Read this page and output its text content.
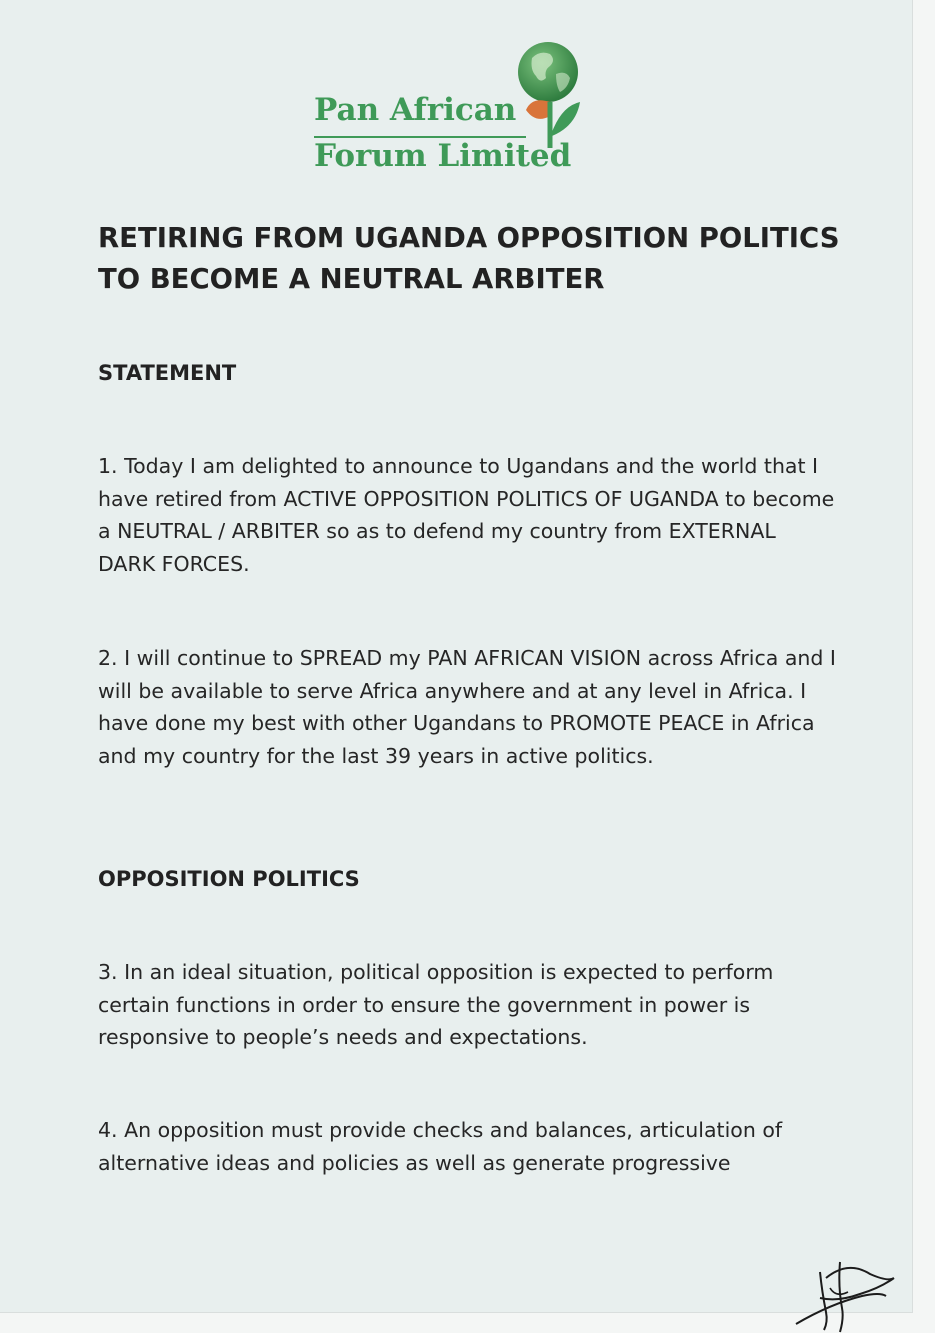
Pan African
Forum Limited
RETIRING FROM UGANDA OPPOSITION POLITICS TO BECOME A NEUTRAL ARBITER
STATEMENT

1. Today I am delighted to announce to Ugandans and the world that I have retired from ACTIVE OPPOSITION POLITICS OF UGANDA to become a NEUTRAL / ARBITER so as to defend my country from EXTERNAL DARK FORCES.

2. I will continue to SPREAD my PAN AFRICAN VISION across Africa and I will be available to serve Africa anywhere and at any level in Africa. I have done my best with other Ugandans to PROMOTE PEACE in Africa and my country for the last 39 years in active politics.

OPPOSITION POLITICS

3. In an ideal situation, political opposition is expected to perform certain functions in order to ensure the government in power is responsive to people’s needs and expectations.

4. An opposition must provide checks and balances, articulation of alternative ideas and policies as well as generate progressive
